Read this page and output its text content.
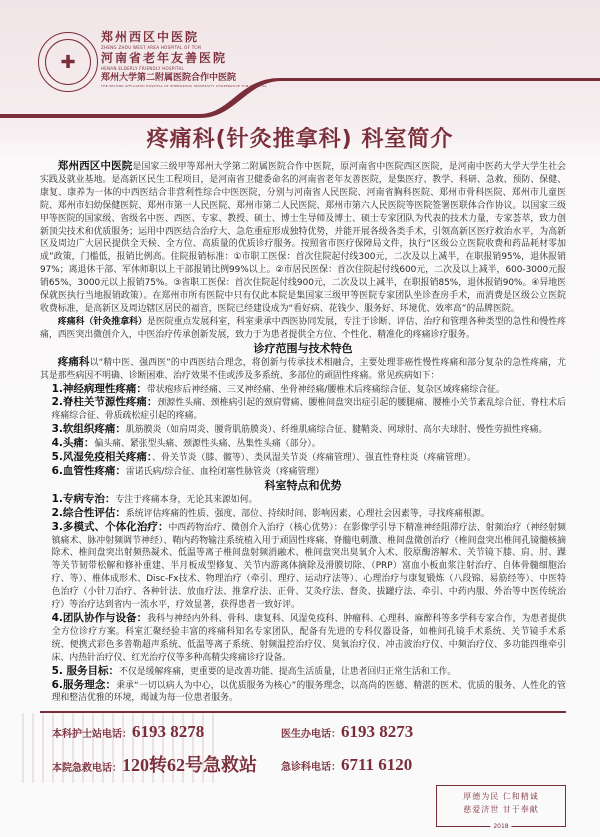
✚
郑州西区中医院
ZHENG ZHOU WEST AREA HOSPITAL OF TCM
河南省老年友善医院
HENAN ELDERLY FRIENDLY HOSPITAL
郑州大学第二附属医院合作中医院
THE SECOND AFFILIATED HOSPITAL OF ZHENGZHOU UNIVERSITY COOPERATIVE TCM HOSPITAL
疼痛科(针灸推拿科) 科室简介

郑州西区中医院是国家三级甲等郑州大学第二附属医院合作中医院，原河南省中医院西区医院，是河南中医药大学大学生社会实践及就业基地。是高新区民生工程项目，是河南省卫健委命名的河南省老年友善医院，是集医疗、教学、科研、急救、预防、保健、康复、康养为一体的中西医结合非营利性综合中医医院，分别与河南省人民医院、河南省胸科医院、郑州市骨科医院、郑州市儿童医院、郑州市妇幼保健医院、郑州市第一人民医院、郑州市第二人民医院、郑州市第六人民医院等医院签署医联体合作协议。以国家三级甲等医院的国家级、省级名中医、西医、专家、教授、硕士、博士生导师及博士、硕士专家团队为代表的技术力量，专家荟萃，致力创新顶尖技术和优质服务；运用中西医结合治疗大、急危重症形成独特优势，并能开展各级各类手术，引领高新区医疗救治水平，为高新区及周边广大居民提供全天候、全方位、高质量的优质诊疗服务。按照省市医疗保障局文件，执行“区级公立医院收费和药品耗材零加成”政策，门槛低，报销比例高。住院报销标准：①市职工医保：首次住院起付线300元，二次及以上减半，在职报销95%，退休报销97%；离退休干部、军休师职以上干部报销比例99%以上。②市居民医保：首次住院起付线600元，二次及以上减半，600-3000元报销65%，3000元以上报销75%。③省职工医保：首次住院起付线900元，二次及以上减半，在职报销85%，退休报销90%。④异地医保就医执行当地报销政策）。在郑州市所有医院中只有仅此本院是集国家三级甲等医院专家团队坐诊查房手术，而消费是区级公立医院收费标准，是高新区及周边辖区居民的福音，医院已经建设成为“看好病、花钱少、服务好、环境优、效率高”的品牌医院。

疼痛科（针灸推拿科）是医院重点发展科室，科室秉承中西医协同发展，专注于诊断、评估、治疗和管理各种类型的急性和慢性疼痛，西医突出微创介入，中医治疗传承创新发展，致力于为患者提供全方位、个性化、精准化的疼痛诊疗服务。

诊疗范围与技术特色

疼痛科以“精中医、强西医”的中西医结合理念，将创新与传承技术相融合，主要处理非癌性慢性疼痛和部分复杂的急性疼痛，尤其是那些病因不明确、诊断困难、治疗效果不佳或涉及多系统、多部位的顽固性疼痛。常见疾病如下：

1.神经病理性疼痛：带状疱疹后神经痛、三叉神经痛、坐骨神经痛/腰椎术后疼痛综合征、复杂区域疼痛综合征。

2.脊柱关节源性疼痛：颈源性头痛、颈椎病引起的颈肩臂痛、腰椎间盘突出症引起的腰腿痛、腰椎小关节紊乱综合征、脊柱术后疼痛综合征、骨质疏松症引起的疼痛。

3.软组织疼痛：肌筋膜炎（如肩周炎、腰背肌筋膜炎）、纤维肌痛综合征、腱鞘炎、网球肘、高尔夫球肘、慢性劳损性疼痛。

4.头痛：偏头痛、紧张型头痛、颈源性头痛、丛集性头痛（部分）。

5.风湿免疫相关疼痛：、骨关节炎（膝、髋等）、类风湿关节炎（疼痛管理）、强直性脊柱炎（疼痛管理）。

6.血管性疼痛：雷诺氏病/综合征、血栓闭塞性脉管炎（疼痛管理）

科室特点和优势

1.专病专治：专注于疼痛本身，无论其来源如何。

2.综合性评估：系统评估疼痛的性质、强度、部位、持续时间、影响因素、心理社会因素等，寻找疼痛根源。

3.多模式、个体化治疗：中西药物治疗、微创介入治疗（核心优势）：在影像学引导下精准神经阻滞疗法、射频治疗（神经射频镇痛术、脉冲射频调节神经）、鞘内药物输注系统植入用于顽固性疼痛、脊髓电刺激、椎间盘微创治疗（椎间盘突出椎间孔镜髓核摘除术、椎间盘突出射频热凝术、低温等离子椎间盘射频消融术、椎间盘突出臭氧介入术、胶原酶溶解术、关节镜下膝、肩、肘、踝等关节韧带松解和修补重建、半月板成型修复、关节内游离体摘除及滑膜切除、（PRP）富血小板血浆注射治疗、自体骨髓细胞治疗、等）、椎体成形术、Disc-Fx技术、物理治疗（牵引、理疗、运动疗法等）、心理治疗与康复锻炼（八段锦、易筋经等）、中医特色治疗（小针刀治疗、各种针法、放血疗法、推拿疗法、正骨、艾灸疗法、督灸、拔罐疗法、牵引、中药内服、外治等中医传统治疗）等治疗达到省内一流水平，疗效显著，获得患者一致好评。

4.团队协作与设备：我科与神经内外科、骨科、康复科、风湿免疫科、肿瘤科、心理科、麻醉科等多学科专家合作，为患者提供全方位诊疗方案。科室汇聚经验丰富的疼痛科知名专家团队，配备有先进的专科仪器设备，如椎间孔镜手术系统、关节镜手术系统、便携式彩色多普勒超声系统、低温等离子系统、射频温控治疗仪、臭氧治疗仪、冲击波治疗仪、中频治疗仪、多功能四维牵引床、内热针治疗仪、红光治疗仪等多种高精尖疼痛诊疗设备。

5. 服务目标：不仅是缓解疼痛，更重要的是改善功能、提高生活质量，让患者回归正常生活和工作。

6.服务理念：秉承“一切以病人为中心，以优质服务为核心”的服务理念，以高尚的医德、精湛的医术、优质的服务、人性化的管理和整洁优雅的环境，竭诚为每一位患者服务。

本科护士站电话：6193 8278	医生办电话：6193 8273
本院急救电话：120转62号急救站 急诊科电话：6711 6120
厚德为民 仁和精诚
慈爱济世 甘于奉献
2018
